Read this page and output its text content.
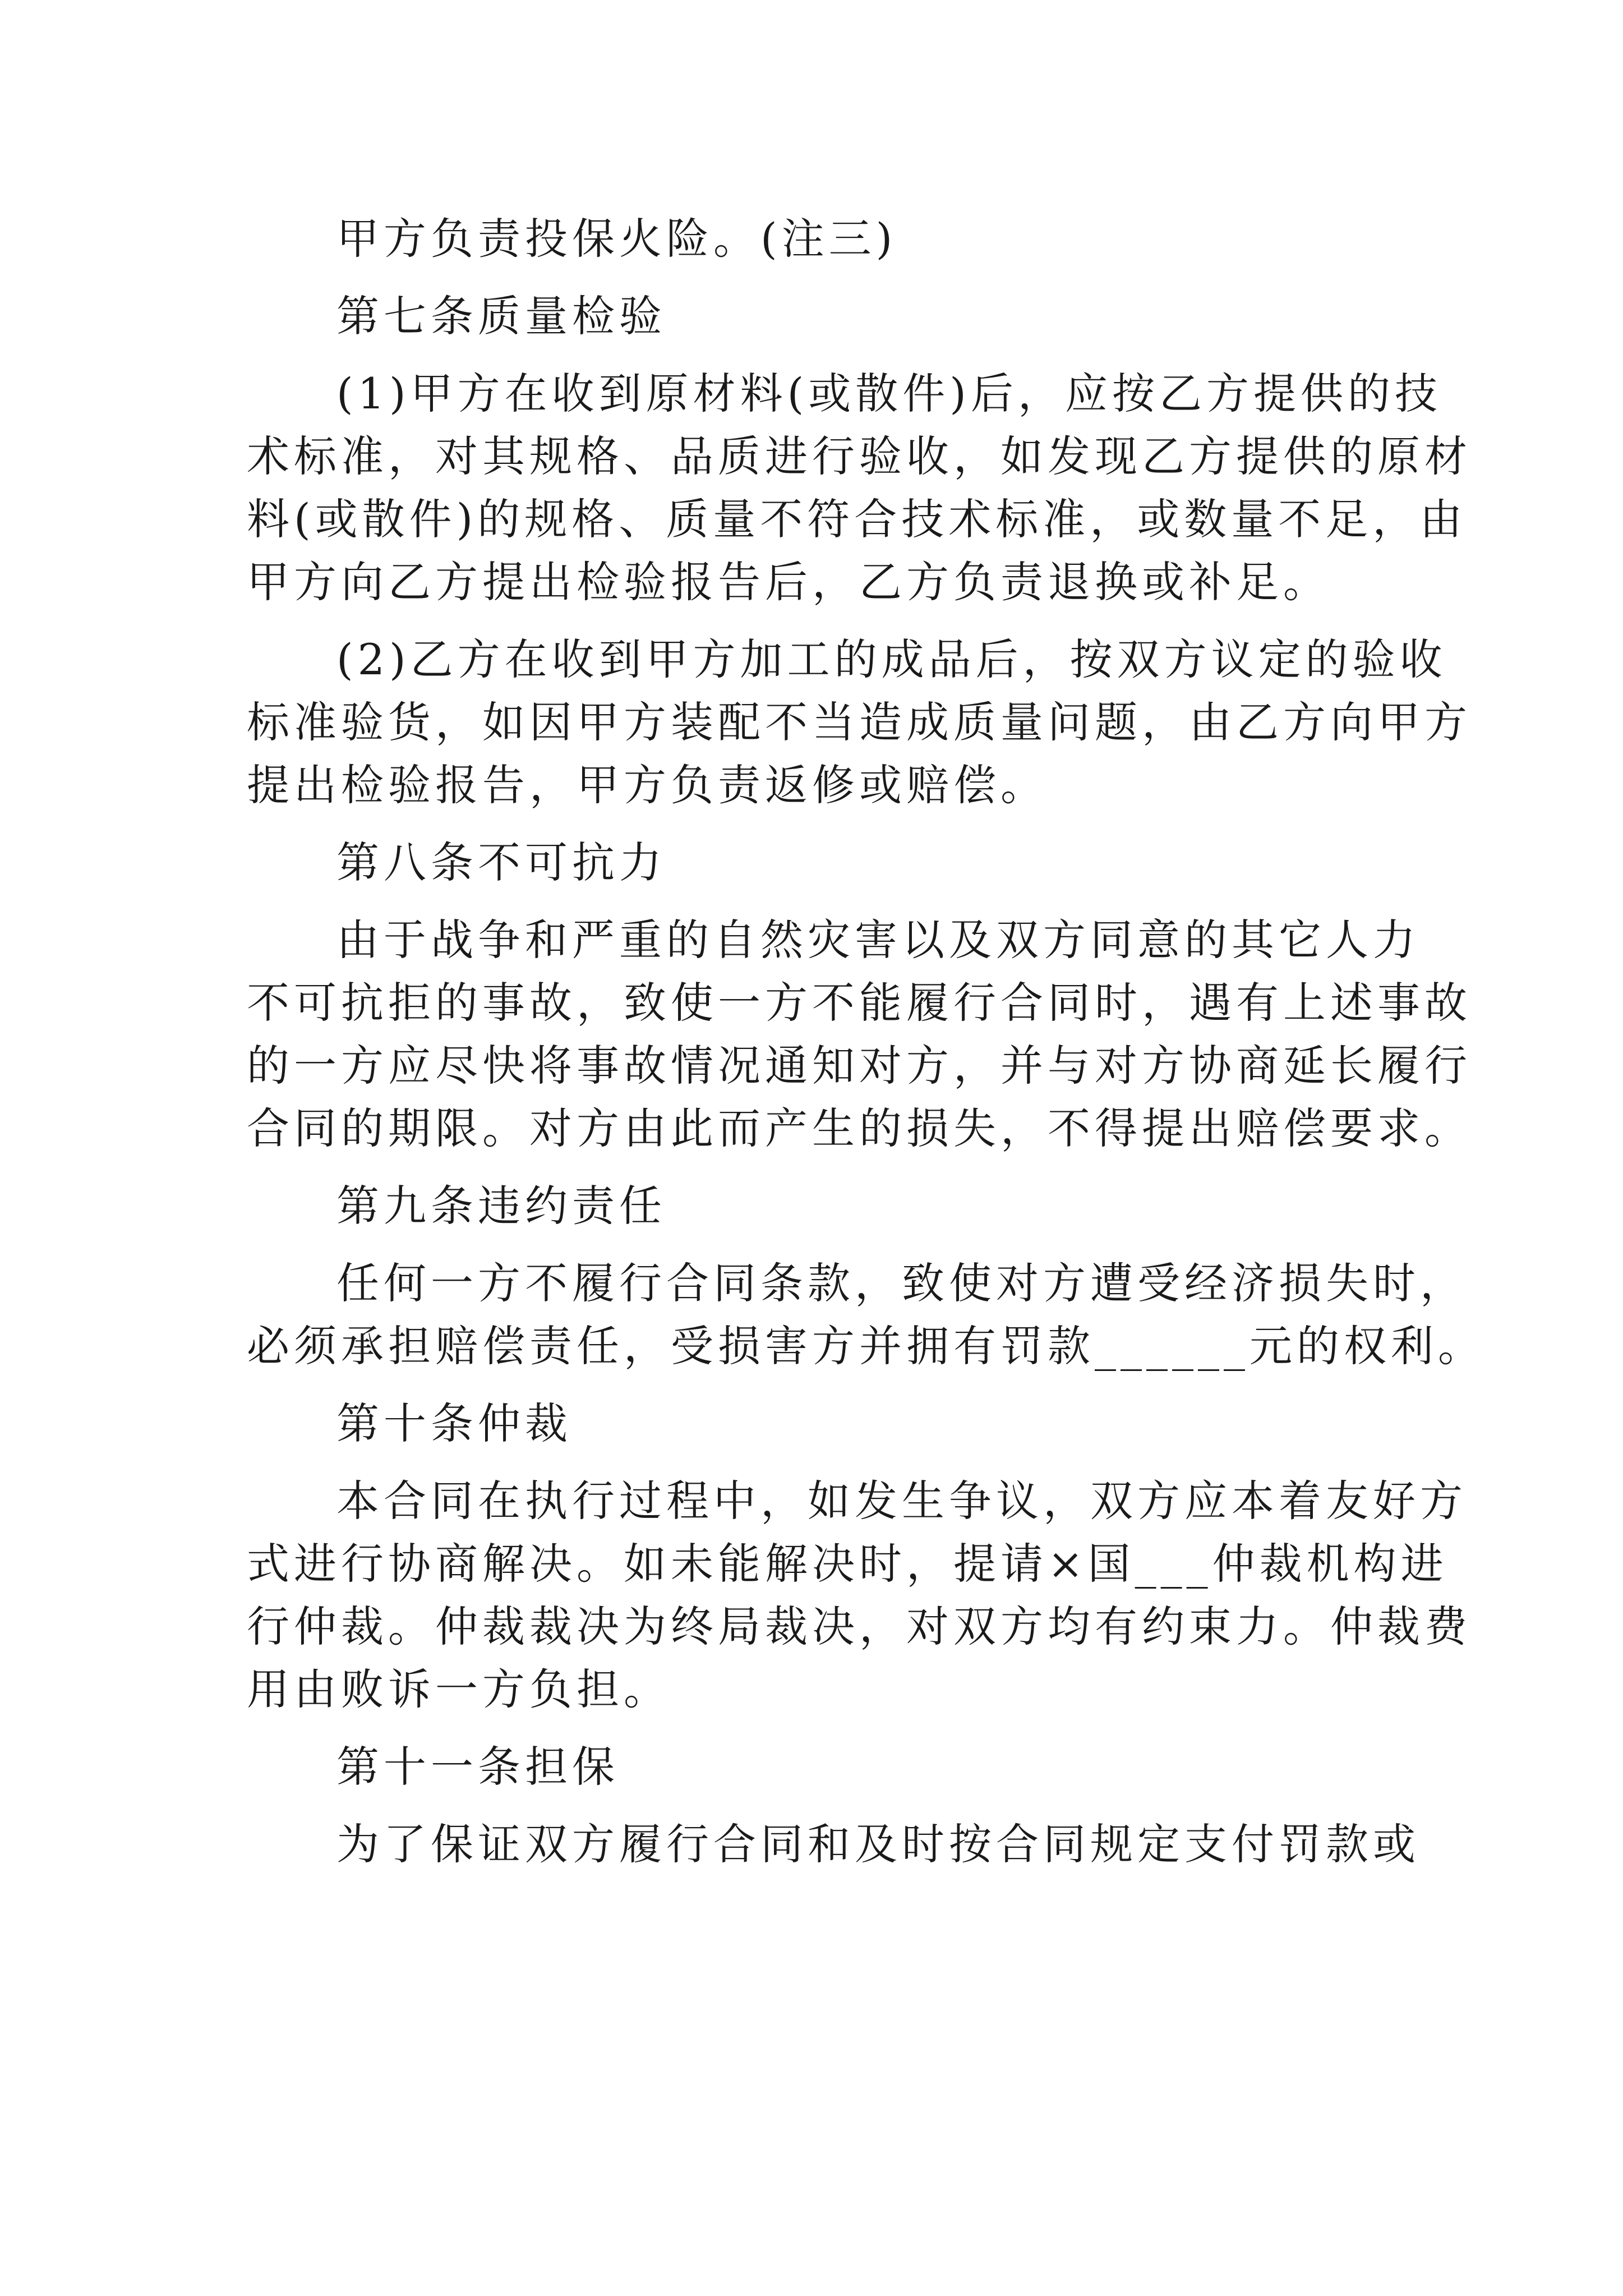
甲方负责投保火险。(注三)
第七条质量检验
(1)甲方在收到原材料(或散件)后，应按乙方提供的技
术标准，对其规格、品质进行验收，如发现乙方提供的原材
料(或散件)的规格、质量不符合技术标准，或数量不足，由
甲方向乙方提出检验报告后，乙方负责退换或补足。
(2)乙方在收到甲方加工的成品后，按双方议定的验收
标准验货，如因甲方装配不当造成质量问题，由乙方向甲方
提出检验报告，甲方负责返修或赔偿。
第八条不可抗力
由于战争和严重的自然灾害以及双方同意的其它人力
不可抗拒的事故，致使一方不能履行合同时，遇有上述事故
的一方应尽快将事故情况通知对方，并与对方协商延长履行
合同的期限。对方由此而产生的损失，不得提出赔偿要求。
第九条违约责任
任何一方不履行合同条款，致使对方遭受经济损失时，
必须承担赔偿责任，受损害方并拥有罚款______元的权利。
第十条仲裁
本合同在执行过程中，如发生争议，双方应本着友好方
式进行协商解决。如未能解决时，提请×国___仲裁机构进
行仲裁。仲裁裁决为终局裁决，对双方均有约束力。仲裁费
用由败诉一方负担。
第十一条担保
为了保证双方履行合同和及时按合同规定支付罚款或
